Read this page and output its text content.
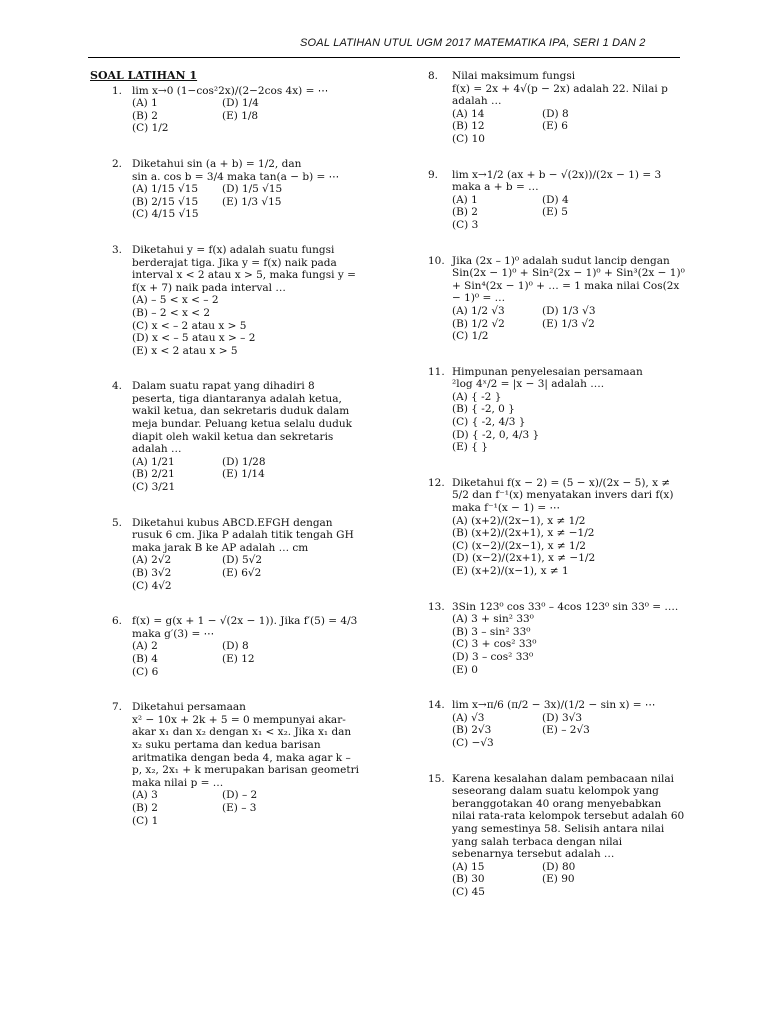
SOAL LATIHAN UTUL UGM 2017 MATEMATIKA IPA, SERI 1 DAN 2
SOAL LATIHAN 1
1. lim x→0 (1−cos²2x)/(2−2cos 4x) = ⋯
(A) 1	(D) 1/4
(B) 2	(E) 1/8
(C) 1/2
2. Diketahui sin (a + b) = 1/2, dan
sin a. cos b = 3/4 maka tan(a − b) = ⋯
(A) 1/15 √15	(D) 1/5 √15
(B) 2/15 √15	(E) 1/3 √15
(C) 4/15 √15
3. Diketahui y = f(x) adalah suatu fungsi berderajat tiga. Jika y = f(x) naik pada interval x < 2 atau x > 5, maka fungsi y = f(x + 7) naik pada interval …
(A) – 5 < x < – 2
(B) – 2 < x < 2
(C) x < – 2 atau x > 5
(D) x < – 5 atau x > – 2
(E) x < 2 atau x > 5
4. Dalam suatu rapat yang dihadiri 8 peserta, tiga diantaranya adalah ketua, wakil ketua, dan sekretaris duduk dalam meja bundar. Peluang ketua selalu duduk diapit oleh wakil ketua dan sekretaris adalah …
(A) 1/21	(D) 1/28
(B) 2/21	(E) 1/14
(C) 3/21
5. Diketahui kubus ABCD.EFGH dengan rusuk 6 cm. Jika P adalah titik tengah GH maka jarak B ke AP adalah … cm
(A) 2√2	(D) 5√2
(B) 3√2	(E) 6√2
(C) 4√2
6. f(x) = g(x + 1 − √(2x − 1)). Jika f′(5) = 4/3 maka g′(3) = ⋯
(A) 2	(D) 8
(B) 4	(E) 12
(C) 6
7. Diketahui persamaan
x² − 10x + 2k + 5 = 0 mempunyai akar-akar x₁ dan x₂ dengan x₁ < x₂. Jika x₁ dan x₂ suku pertama dan kedua barisan aritmatika dengan beda 4, maka agar k – p, x₂, 2x₁ + k merupakan barisan geometri maka nilai p = …
(A) 3	(D) – 2
(B) 2	(E) – 3
(C) 1
8. Nilai maksimum fungsi
f(x) = 2x + 4√(p − 2x) adalah 22. Nilai p adalah …
(A) 14	(D) 8
(B) 12	(E) 6
(C) 10
9. lim x→1/2 (ax + b − √(2x))/(2x − 1) = 3 maka a + b = …
(A) 1	(D) 4
(B) 2	(E) 5
(C) 3
10. Jika (2x – 1)⁰ adalah sudut lancip dengan Sin(2x − 1)⁰ + Sin²(2x − 1)⁰ + Sin³(2x − 1)⁰ + Sin⁴(2x − 1)⁰ + … = 1 maka nilai Cos(2x − 1)⁰ = …
(A) 1/2 √3	(D) 1/3 √3
(B) 1/2 √2	(E) 1/3 √2
(C) 1/2
11. Himpunan penyelesaian persamaan
²log 4ˣ/2 = |x − 3| adalah ….
(A) { -2 }
(B) { -2, 0 }
(C) { -2, 4/3 }
(D) { -2, 0, 4/3 }
(E) { }
12. Diketahui f(x − 2) = (5 − x)/(2x − 5), x ≠ 5/2 dan f⁻¹(x) menyatakan invers dari f(x) maka f⁻¹(x − 1) = ⋯
(A) (x+2)/(2x−1), x ≠ 1/2
(B) (x+2)/(2x+1), x ≠ −1/2
(C) (x−2)/(2x−1), x ≠ 1/2
(D) (x−2)/(2x+1), x ≠ −1/2
(E) (x+2)/(x−1), x ≠ 1
13. 3Sin 123⁰ cos 33⁰ – 4cos 123⁰ sin 33⁰ = ….
(A) 3 + sin² 33⁰
(B) 3 – sin² 33⁰
(C) 3 + cos² 33⁰
(D) 3 – cos² 33⁰
(E) 0
14. lim x→π/6 (π/2 − 3x)/(1/2 − sin x) = ⋯
(A) √3	(D) 3√3
(B) 2√3	(E) – 2√3
(C) −√3
15. Karena kesalahan dalam pembacaan nilai seseorang dalam suatu kelompok yang beranggotakan 40 orang menyebabkan nilai rata-rata kelompok tersebut adalah 60 yang semestinya 58. Selisih antara nilai yang salah terbaca dengan nilai sebenarnya tersebut adalah …
(A) 15	(D) 80
(B) 30	(E) 90
(C) 45
